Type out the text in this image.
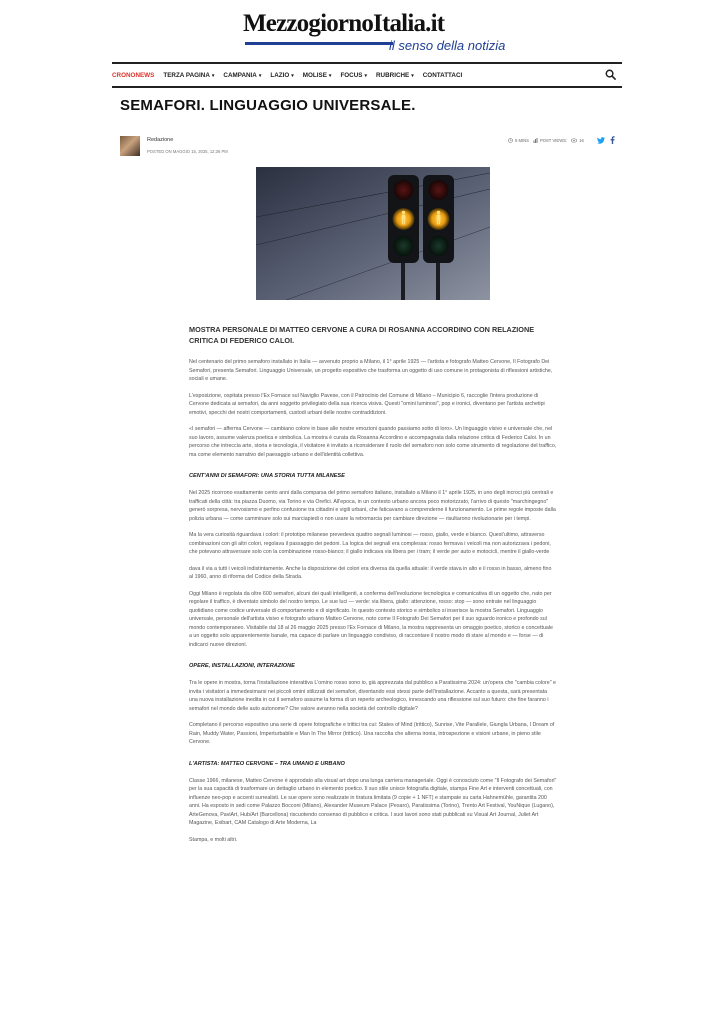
MezzogiornoItalia.it
il senso della notizia
CRONONEWS TERZA PAGINA ▾ CAMPANIA ▾ LAZIO ▾ MOLISE ▾ FOCUS ▾ RUBRICHE ▾ CONTATTACI
SEMAFORI. LINGUAGGIO UNIVERSALE.
Redazione
POSTED ON MAGGIO 15, 2025, 12:36 PM
5 MINS	POST VIEWS:	16
MOSTRA PERSONALE DI MATTEO CERVONE A CURA DI ROSANNA ACCORDINO CON RELAZIONE CRITICA DI FEDERICO CALOI.

Nel centenario del primo semaforo installato in Italia — avvenuto proprio a Milano, il 1° aprile 1925 — l'artista e fotografo Matteo Cervone, Il Fotografo Dei Semafori, presenta Semafori. Linguaggio Universale, un progetto espositivo che trasforma un oggetto di uso comune in protagonista di riflessioni artistiche, sociali e umane.

L'esposizione, ospitata presso l'Ex Fornace sul Naviglio Pavese, con il Patrocinio del Comune di Milano – Municipio 6, raccoglie l'intera produzione di Cervone dedicata ai semafori, da anni soggetto privilegiato della sua ricerca visiva. Questi "omini luminosi", pop e ironici, diventano per l'artista archetipi emotivi, specchi dei nostri comportamenti, custodi urbani delle nostre contraddizioni.

«I semafori — afferma Cervone — cambiano colore in base alle nostre emozioni quando passiamo sotto di loro». Un linguaggio visivo e universale che, nel suo lavoro, assume valenza poetica e simbolica. La mostra è curata da Rosanna Accordino e accompagnata dalla relazione critica di Federico Caloi. In un percorso che intreccia arte, storia e tecnologia, il visitatore è invitato a riconsiderare il ruolo del semaforo non solo come strumento di regolazione del traffico, ma come elemento narrativo del paesaggio urbano e dell'identità collettiva.

CENT'ANNI DI SEMAFORI: UNA STORIA TUTTA MILANESE

Nel 2025 ricorrono esattamente cento anni dalla comparsa del primo semaforo italiano, installato a Milano il 1° aprile 1925, in uno degli incroci più centrali e trafficati della città: tra piazza Duomo, via Torino e via Orefici. All'epoca, in un contesto urbano ancora poco motorizzato, l'arrivo di questo "marchingegno" generò sorpresa, nervosismo e perfino confusione tra cittadini e vigili urbani, che faticavano a comprenderne il funzionamento. Le prime regole imposte dalla polizia urbana — come camminare solo sui marciapiedi o non usare la retromarcia per cambiare direzione — risultarono rivoluzionarie per i tempi.

Ma la vera curiosità riguardava i colori: il prototipo milanese prevedeva quattro segnali luminosi — rosso, giallo, verde e bianco. Quest'ultimo, attraverso combinazioni con gli altri colori, regolava il passaggio dei pedoni. La logica dei segnali era complessa: rosso fermava i veicoli ma non autorizzava i pedoni, che potevano attraversare solo con la combinazione rosso-bianco; il giallo indicava via libera per i tram; il verde per auto e motocicli, mentre il giallo-verde

dava il via a tutti i veicoli indistintamente. Anche la disposizione dei colori era diversa da quella attuale: il verde stava in alto e il rosso in basso, almeno fino al 1960, anno di riforma del Codice della Strada.

Oggi Milano è regolata da oltre 600 semafori, alcuni dei quali intelligenti, a conferma dell'evoluzione tecnologica e comunicativa di un oggetto che, nato per regolare il traffico, è diventato simbolo del nostro tempo. Le sue luci — verde: via libera, giallo: attenzione, rosso: stop — sono entrate nel linguaggio quotidiano come codice universale di comportamento e di significato. In questo contesto storico e simbolico si inserisce la mostra Semafori. Linguaggio universale, personale dell'artista visivo e fotografo urbano Matteo Cervone, noto come Il Fotografo Dei Semafori per il suo sguardo ironico e profondo sul mondo contemporaneo. Visitabile dal 18 al 26 maggio 2025 presso l'Ex Fornace di Milano, la mostra rappresenta un omaggio poetico, storico e concettuale a un oggetto solo apparentemente banale, ma capace di parlare un linguaggio condiviso, di raccontare il nostro modo di stare al mondo e — forse — di indicarci nuove direzioni.

OPERE, INSTALLAZIONI, INTERAZIONE

Tra le opere in mostra, torna l'installazione interattiva L'omino rosso sono io, già apprezzata dal pubblico a Paratissima 2024: un'opera che "cambia colore" e invita i visitatori a immedesimarsi nei piccoli omini stilizzati dei semafori, diventando essi stessi parte dell'installazione. Accanto a questa, sarà presentata una nuova installazione inedita in cui il semaforo assume la forma di un reperto archeologico, innescando una riflessione sul suo futuro: che fine faranno i semafori nel mondo delle auto autonome? Che valore avranno nella società del controllo digitale?

Completano il percorso espositivo una serie di opere fotografiche e trittici tra cui: States of Mind (trittico), Sunrise, Vite Parallele, Giungla Urbana, I Dream of Rain, Muddy Water, Passioni, Imperturbabile e Man In The Mirror (trittico). Una raccolta che alterna ironia, introspezione e visioni urbane, in pieno stile Cervone.

L'ARTISTA: MATTEO CERVONE – TRA UMANO E URBANO

Classe 1966, milanese, Matteo Cervone è approdato alla visual art dopo una lunga carriera manageriale. Oggi è conosciuto come "Il Fotografo dei Semafori" per la sua capacità di trasformare un dettaglio urbano in elemento poetico. Il suo stile unisce fotografia digitale, stampa Fine Art e interventi concettuali, con influenze neo-pop e accenti surrealisti. Le sue opere sono realizzate in tiratura limitata (9 copie + 1 NFT) e stampate su carta Hahnemühle, garantita 200 anni. Ha esposto in sedi come Palazzo Bocconi (Milano), Alexander Museum Palace (Pesaro), Paratissima (Torino), Trento Art Festival, YouNique (Lugano), ArteGenova, PaviArt, Hub/Art (Barcellona) riscuotendo consenso di pubblico e critica. I suoi lavori sono stati pubblicati su Visual Art Journal, Juliet Art Magazine, Exibart, CAM Catalogo di Arte Moderna, La

Stampa, e molti altri.
